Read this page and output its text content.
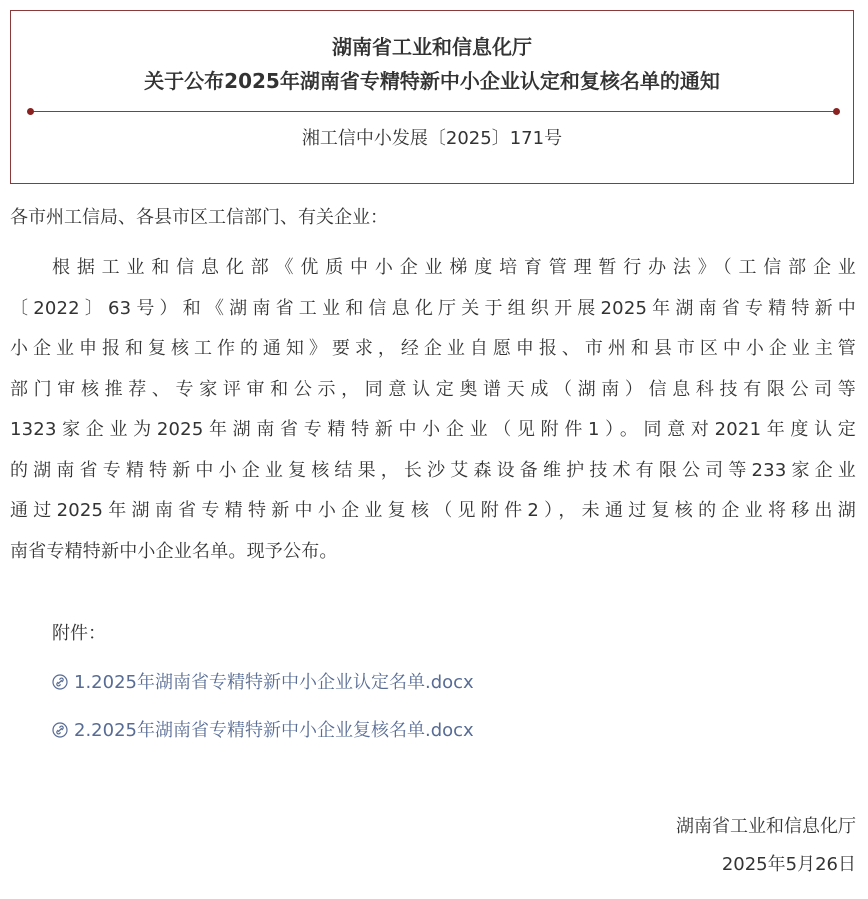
湖南省工业和信息化厅
关于公布2025年湖南省专精特新中小企业认定和复核名单的通知
湘工信中小发展〔2025〕171号
各市州工信局、各县市区工信部门、有关企业：
根据工业和信息化部《优质中小企业梯度培育管理暂行办法》（工信部企业
〔2022〕63号）和《湖南省工业和信息化厅关于组织开展2025年湖南省专精特新中
小企业申报和复核工作的通知》要求，经企业自愿申报、市州和县市区中小企业主管
部门审核推荐、专家评审和公示，同意认定奥谱天成（湖南）信息科技有限公司等
1323家企业为2025年湖南省专精特新中小企业（见附件1）。同意对2021年度认定
的湖南省专精特新中小企业复核结果，长沙艾森设备维护技术有限公司等233家企业
通过2025年湖南省专精特新中小企业复核（见附件2），未通过复核的企业将移出湖
南省专精特新中小企业名单。现予公布。
附件：
1.2025年湖南省专精特新中小企业认定名单.docx
2.2025年湖南省专精特新中小企业复核名单.docx
湖南省工业和信息化厅
2025年5月26日
